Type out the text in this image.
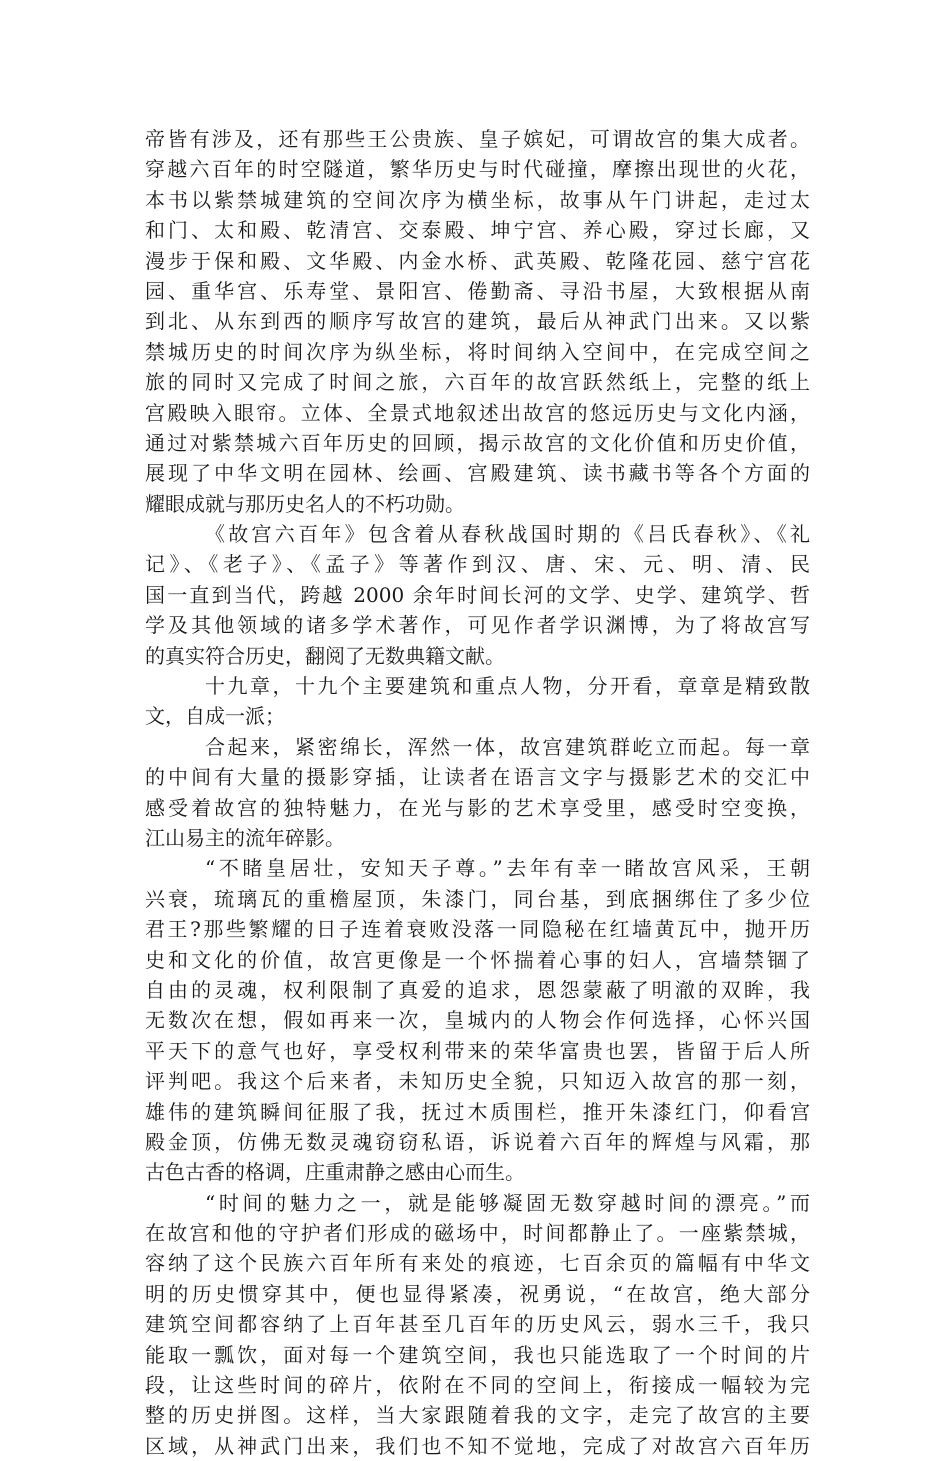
帝皆有涉及，还有那些王公贵族、皇子嫔妃，可谓故宫的集大成者。
穿越六百年的时空隧道，繁华历史与时代碰撞，摩擦出现世的火花，
本书以紫禁城建筑的空间次序为横坐标，故事从午门讲起，走过太
和门、太和殿、乾清宫、交泰殿、坤宁宫、养心殿，穿过长廊，又
漫步于保和殿、文华殿、内金水桥、武英殿、乾隆花园、慈宁宫花
园、重华宫、乐寿堂、景阳宫、倦勤斋、寻沿书屋，大致根据从南
到北、从东到西的顺序写故宫的建筑，最后从神武门出来。又以紫
禁城历史的时间次序为纵坐标，将时间纳入空间中，在完成空间之
旅的同时又完成了时间之旅，六百年的故宫跃然纸上，完整的纸上
宫殿映入眼帘。立体、全景式地叙述出故宫的悠远历史与文化内涵，
通过对紫禁城六百年历史的回顾，揭示故宫的文化价值和历史价值，
展现了中华文明在园林、绘画、宫殿建筑、读书藏书等各个方面的
耀眼成就与那历史名人的不朽功勋。
《故宫六百年》包含着从春秋战国时期的《吕氏春秋》、《礼
记》、《老子》、《孟子》等著作到汉、唐、宋、元、明、清、民
国一直到当代，跨越 2000 余年时间长河的文学、史学、建筑学、哲
学及其他领域的诸多学术著作，可见作者学识渊博，为了将故宫写
的真实符合历史，翻阅了无数典籍文献。
十九章，十九个主要建筑和重点人物，分开看，章章是精致散
文，自成一派；
合起来，紧密绵长，浑然一体，故宫建筑群屹立而起。每一章
的中间有大量的摄影穿插，让读者在语言文字与摄影艺术的交汇中
感受着故宫的独特魅力，在光与影的艺术享受里，感受时空变换，
江山易主的流年碎影。
“不睹皇居壮，安知天子尊。”去年有幸一睹故宫风采，王朝
兴衰，琉璃瓦的重檐屋顶，朱漆门，同台基，到底捆绑住了多少位
君王?那些繁耀的日子连着衰败没落一同隐秘在红墙黄瓦中，抛开历
史和文化的价值，故宫更像是一个怀揣着心事的妇人，宫墙禁锢了
自由的灵魂，权利限制了真爱的追求，恩怨蒙蔽了明澈的双眸，我
无数次在想，假如再来一次，皇城内的人物会作何选择，心怀兴国
平天下的意气也好，享受权利带来的荣华富贵也罢，皆留于后人所
评判吧。我这个后来者，未知历史全貌，只知迈入故宫的那一刻，
雄伟的建筑瞬间征服了我，抚过木质围栏，推开朱漆红门，仰看宫
殿金顶，仿佛无数灵魂窃窃私语，诉说着六百年的辉煌与风霜，那
古色古香的格调，庄重肃静之感由心而生。
“时间的魅力之一，就是能够凝固无数穿越时间的漂亮。”而
在故宫和他的守护者们形成的磁场中，时间都静止了。一座紫禁城，
容纳了这个民族六百年所有来处的痕迹，七百余页的篇幅有中华文
明的历史惯穿其中，便也显得紧凑，祝勇说，“在故宫，绝大部分
建筑空间都容纳了上百年甚至几百年的历史风云，弱水三千，我只
能取一瓢饮，面对每一个建筑空间，我也只能选取了一个时间的片
段，让这些时间的碎片，依附在不同的空间上，衔接成一幅较为完
整的历史拼图。这样，当大家跟随着我的文字，走完了故宫的主要
区域，从神武门出来，我们也不知不觉地，完成了对故宫六百年历
